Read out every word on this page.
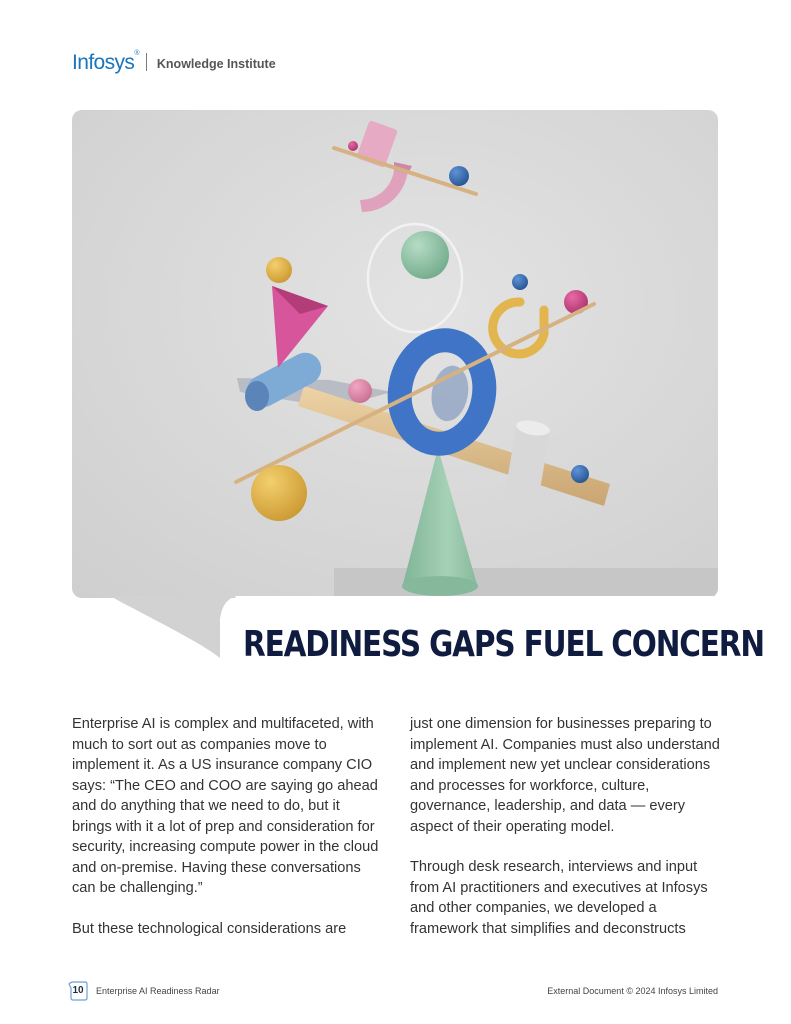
Infosys®
Knowledge Institute
READINESS GAPS FUEL CONCERN

Enterprise AI is complex and multifaceted, with much to sort out as companies move to implement it. As a US insurance company CIO says: “The CEO and COO are saying go ahead and do anything that we need to do, but it brings with it a lot of prep and consideration for security, increasing compute power in the cloud and on-premise. Having these conversations can be challenging.”

But these technological considerations are

just one dimension for businesses preparing to implement AI. Companies must also understand and implement new yet unclear considerations and processes for workforce, culture, governance, leadership, and data — every aspect of their operating model.

Through desk research, interviews and input from AI practitioners and executives at Infosys and other companies, we developed a framework that simplifies and deconstructs

10	Enterprise AI Readiness Radar	External Document © 2024 Infosys Limited
